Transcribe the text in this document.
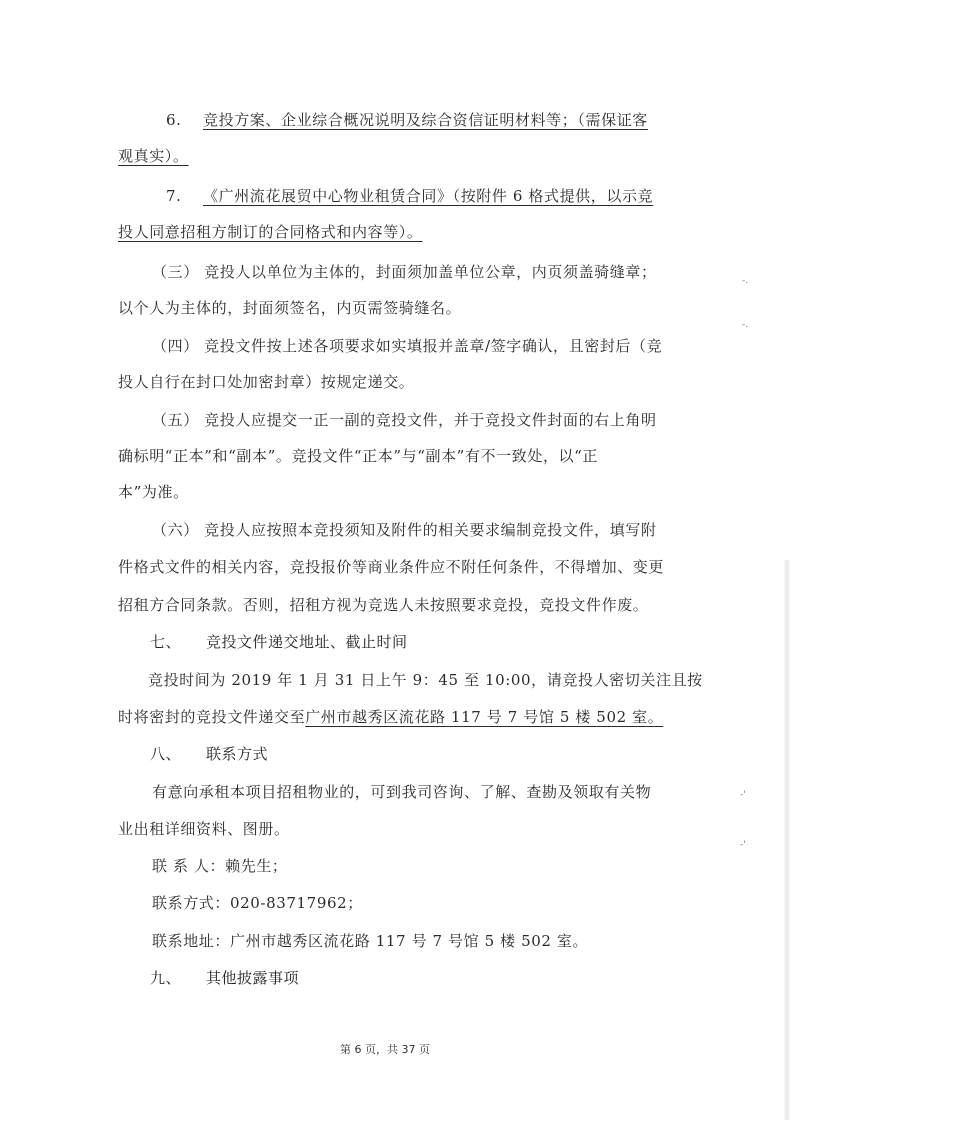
-.
-.
-'
-'
6. 竞投方案、企业综合概况说明及综合资信证明材料等；（需保证客
观真实）。
7. 《广州流花展贸中心物业租赁合同》（按附件 6 格式提供，以示竞
投人同意招租方制订的合同格式和内容等）。
（三） 竞投人以单位为主体的，封面须加盖单位公章，内页须盖骑缝章；
以个人为主体的，封面须签名，内页需签骑缝名。
（四） 竞投文件按上述各项要求如实填报并盖章/签字确认，且密封后（竞
投人自行在封口处加密封章）按规定递交。
（五） 竞投人应提交一正一副的竞投文件，并于竞投文件封面的右上角明
确标明“正本”和“副本”。竞投文件“正本”与“副本”有不一致处，以“正
本”为准。
（六） 竞投人应按照本竞投须知及附件的相关要求编制竞投文件，填写附
件格式文件的相关内容，竞投报价等商业条件应不附任何条件，不得增加、变更
招租方合同条款。否则，招租方视为竞选人未按照要求竞投，竞投文件作废。
七、 竞投文件递交地址、截止时间
竞投时间为 2019 年 1 月 31 日上午 9：45 至 10:00，请竞投人密切关注且按
时将密封的竞投文件递交至广州市越秀区流花路 117 号 7 号馆 5 楼 502 室。
八、 联系方式
有意向承租本项目招租物业的，可到我司咨询、了解、查勘及领取有关物
业出租详细资料、图册。
联 系 人：赖先生；
联系方式：020-83717962；
联系地址：广州市越秀区流花路 117 号 7 号馆 5 楼 502 室。
九、 其他披露事项
第 6 页，共 37 页
